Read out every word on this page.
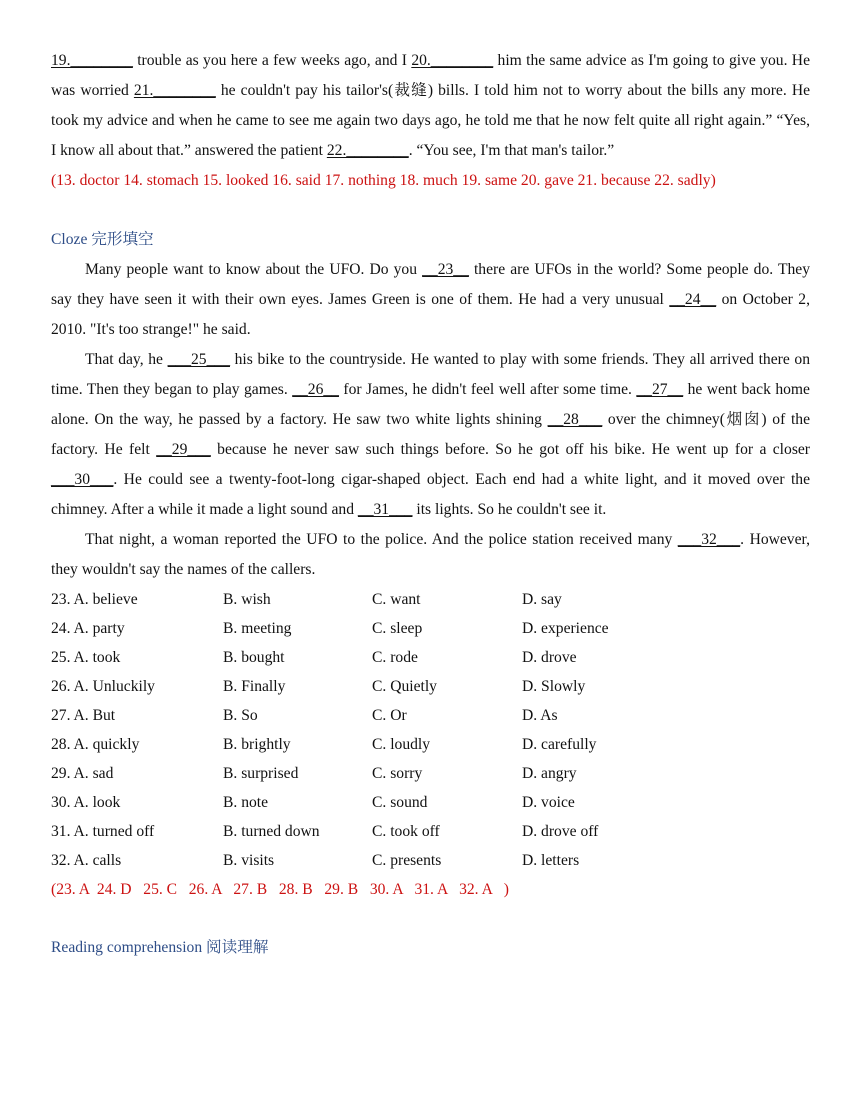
19.________ trouble as you here a few weeks ago, and I 20.________ him the same advice as I'm going to give you. He was worried 21.________ he couldn't pay his tailor's(裁缝) bills. I told him not to worry about the bills any more. He took my advice and when he came to see me again two days ago, he told me that he now felt quite all right again.” “Yes, I know all about that.” answered the patient 22.________. “You see, I'm that man's tailor.”

(13. doctor 14. stomach 15. looked 16. said 17. nothing 18. much 19. same 20. gave 21. because 22. sadly)

Cloze 完形填空

Many people want to know about the UFO. Do you __23__ there are UFOs in the world? Some people do. They say they have seen it with their own eyes. James Green is one of them. He had a very unusual __24__ on October 2, 2010. "It's too strange!" he said.

That day, he ___25___ his bike to the countryside. He wanted to play with some friends. They all arrived there on time. Then they began to play games. __26__ for James, he didn't feel well after some time. __27__ he went back home alone. On the way, he passed by a factory. He saw two white lights shining __28___ over the chimney(烟囱) of the factory. He felt __29___ because he never saw such things before. So he got off his bike. He went up for a closer ___30___. He could see a twenty-foot-long cigar-shaped object. Each end had a white light, and it moved over the chimney. After a while it made a light sound and __31___ its lights. So he couldn't see it.

That night, a woman reported the UFO to the police. And the police station received many ___32___. However, they wouldn't say the names of the callers.

23. A. believe	B. wish	C. want	D. say
24. A. party	B. meeting	C. sleep	D. experience
25. A. took	B. bought	C. rode	D. drove
26. A. Unluckily	B. Finally	C. Quietly	D. Slowly
27. A. But	B. So	C. Or	D. As
28. A. quickly	B. brightly	C. loudly	D. carefully
29. A. sad	B. surprised	C. sorry	D. angry
30. A. look	B. note	C. sound	D. voice
31. A. turned off	B. turned down	C. took off	D. drove off
32. A. calls	B. visits	C. presents	D. letters

(23. A  24. D   25. C   26. A   27. B   28. B   29. B   30. A   31. A   32. A   )

Reading comprehension 阅读理解
